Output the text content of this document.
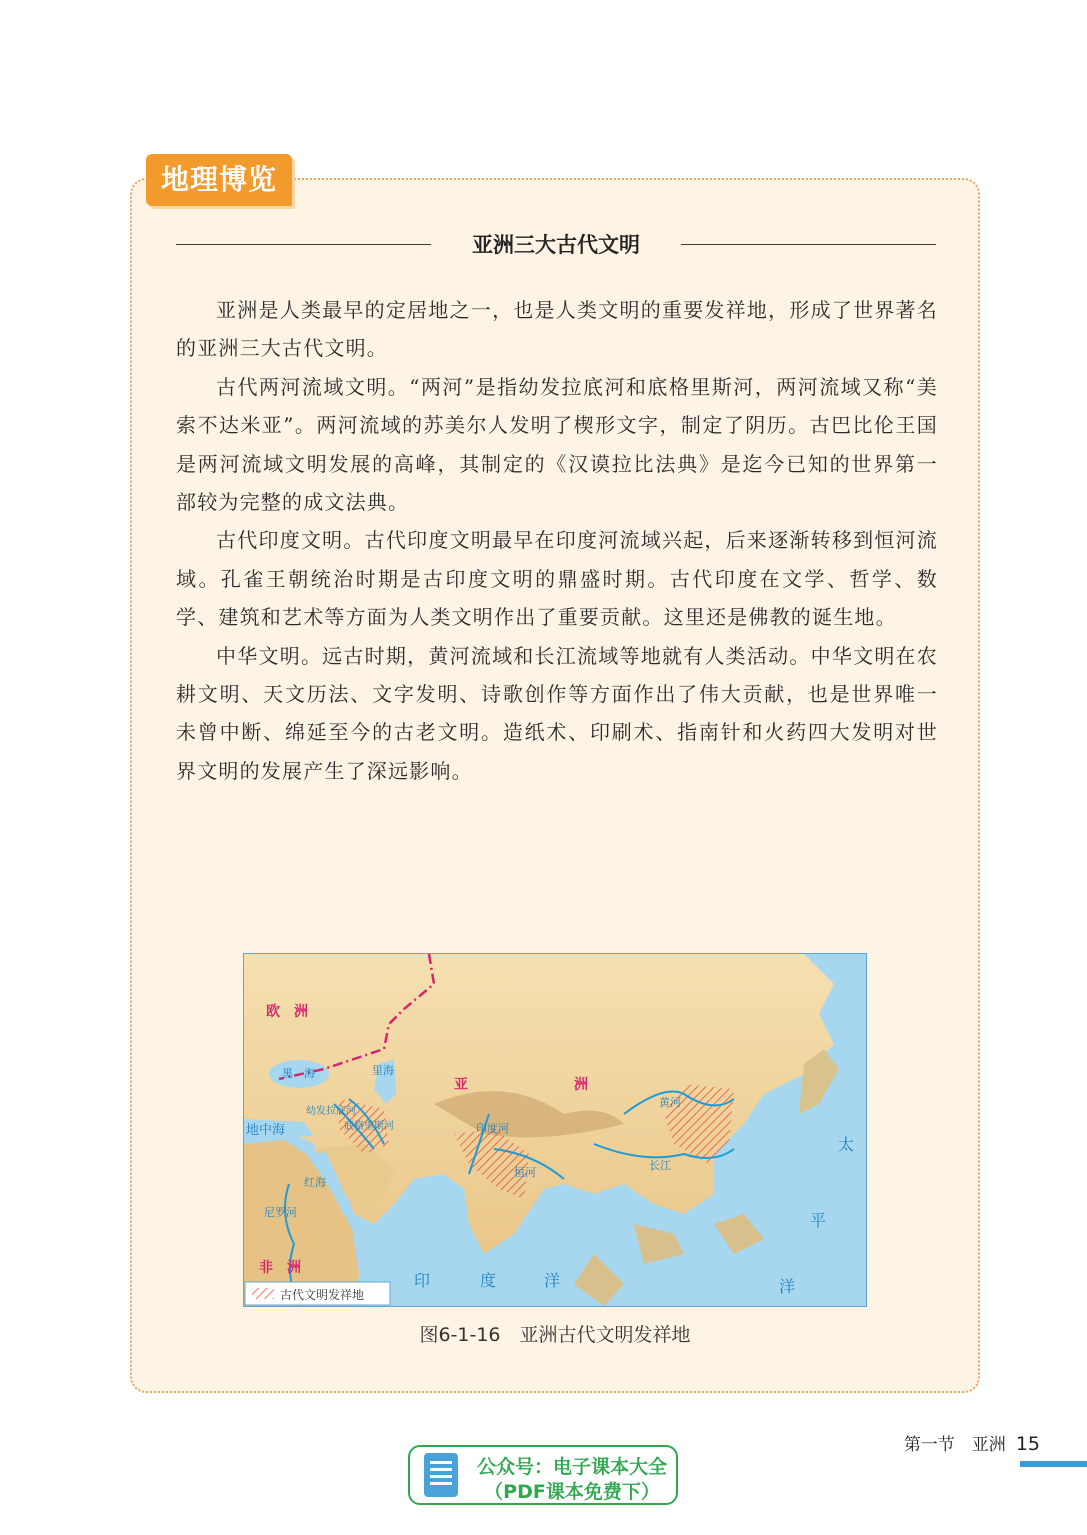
地理博览
亚洲三大古代文明

亚洲是人类最早的定居地之一，也是人类文明的重要发祥地，形成了世界著名的亚洲三大古代文明。

古代两河流域文明。“两河”是指幼发拉底河和底格里斯河，两河流域又称“美索不达米亚”。两河流域的苏美尔人发明了楔形文字，制定了阴历。古巴比伦王国是两河流域文明发展的高峰，其制定的《汉谟拉比法典》是迄今已知的世界第一部较为完整的成文法典。

古代印度文明。古代印度文明最早在印度河流域兴起，后来逐渐转移到恒河流域。孔雀王朝统治时期是古印度文明的鼎盛时期。古代印度在文学、哲学、数学、建筑和艺术等方面为人类文明作出了重要贡献。这里还是佛教的诞生地。

中华文明。远古时期，黄河流域和长江流域等地就有人类活动。中华文明在农耕文明、天文历法、文字发明、诗歌创作等方面作出了伟大贡献，也是世界唯一未曾中断、绵延至今的古老文明。造纸术、印刷术、指南针和火药四大发明对世界文明的发展产生了深远影响。

欧　洲
亚	洲
非　洲
黑　海	里海
地中海
红海
尼罗河
幼发拉底河
底格里斯河	印度河
恒河
黄河
长江
印	度	洋
太
平
洋
古代文明发祥地
图6-1-16　亚洲古代文明发祥地
第一节　亚洲 15
公众号：电子课本大全
（PDF课本免费下）
